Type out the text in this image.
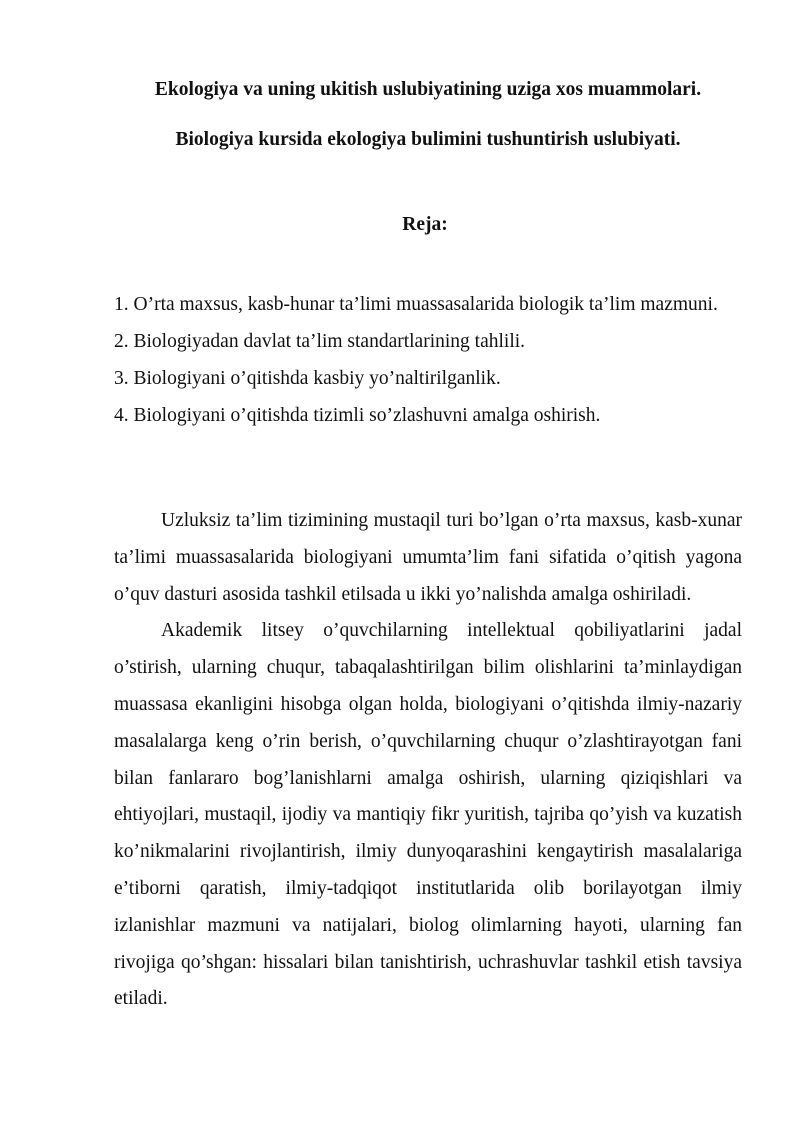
Ekologiya va uning ukitish uslubiyatining uziga xos muammolari.
Biologiya kursida ekologiya bulimini tushuntirish uslubiyati.
Reja:
1. O’rta maxsus, kasb-hunar ta’limi muassasalarida biologik ta’lim mazmuni.
2. Biologiyadan davlat ta’lim standartlarining tahlili.
3. Biologiyani o’qitishda kasbiy yo’naltirilganlik.
4. Biologiyani o’qitishda tizimli so’zlashuvni amalga oshirish.

Uzluksiz ta’lim tizimining mustaqil turi bo’lgan o’rta maxsus, kasb-xunar ta’limi muassasalarida biologiyani umumta’lim fani sifatida o’qitish yagona o’quv dasturi asosida tashkil etilsada u ikki yo’nalishda amalga oshiriladi.

Akademik litsey o’quvchilarning intellektual qobiliyatlarini jadal o’stirish, ularning chuqur, tabaqalashtirilgan bilim olishlarini ta’minlaydigan muassasa ekanligini hisobga olgan holda, biologiyani o’qitishda ilmiy-nazariy masalalarga keng o’rin berish, o’quvchilarning chuqur o’zlashtirayotgan fani bilan fanlararo bog’lanishlarni amalga oshirish, ularning qiziqishlari va ehtiyojlari, mustaqil, ijodiy va mantiqiy fikr yuritish, tajriba qo’yish va kuzatish ko’nikmalarini rivojlantirish, ilmiy dunyoqarashini kengaytirish masalalariga e’tiborni qaratish, ilmiy-tadqiqot institutlarida olib borilayotgan ilmiy izlanishlar mazmuni va natijalari, biolog olimlarning hayoti, ularning fan rivojiga qo’shgan: hissalari bilan tanishtirish, uchrashuvlar tashkil etish tavsiya etiladi.
